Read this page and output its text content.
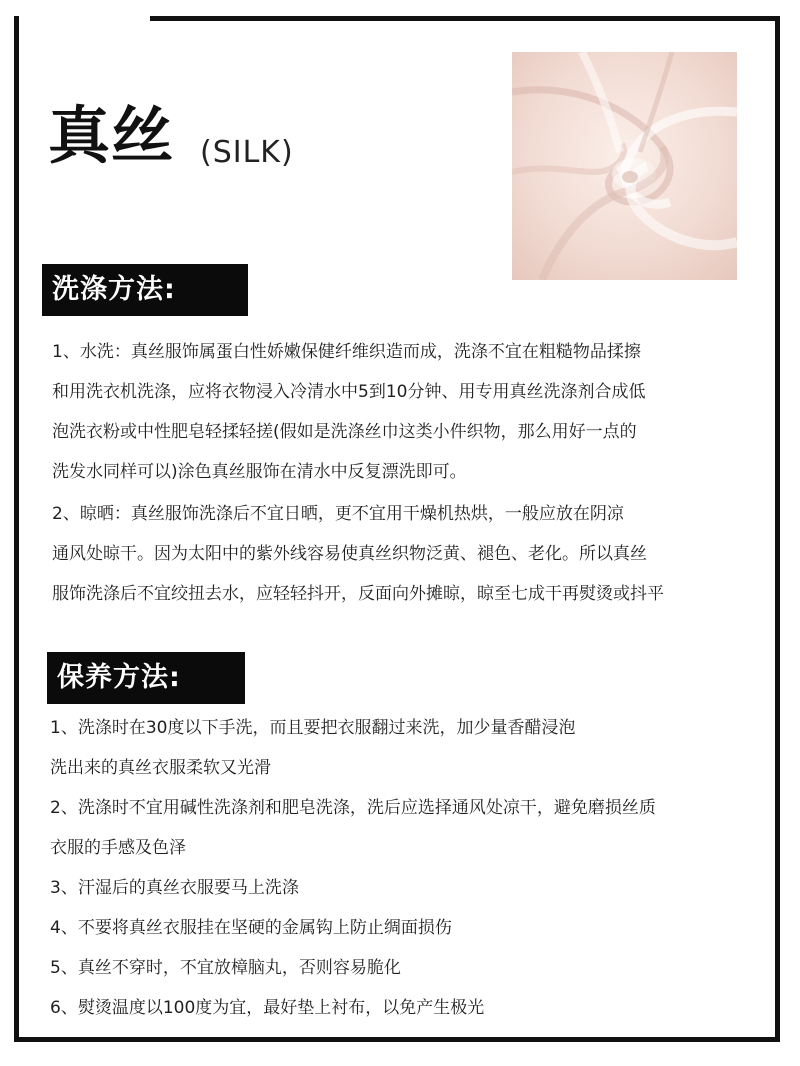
真丝 (SILK)
洗涤方法:

1、水洗：真丝服饰属蛋白性娇嫩保健纤维织造而成，洗涤不宜在粗糙物品揉擦
和用洗衣机洗涤，应将衣物浸入冷清水中5到10分钟、用专用真丝洗涤剂合成低
泡洗衣粉或中性肥皂轻揉轻搓(假如是洗涤丝巾这类小件织物，那么用好一点的
洗发水同样可以)涂色真丝服饰在清水中反复漂洗即可。

2、晾晒：真丝服饰洗涤后不宜日晒，更不宜用干燥机热烘，一般应放在阴凉
通风处晾干。因为太阳中的紫外线容易使真丝织物泛黄、褪色、老化。所以真丝
服饰洗涤后不宜绞扭去水，应轻轻抖开，反面向外摊晾，晾至七成干再熨烫或抖平

保养方法:

1、洗涤时在30度以下手洗，而且要把衣服翻过来洗，加少量香醋浸泡
洗出来的真丝衣服柔软又光滑
2、洗涤时不宜用碱性洗涤剂和肥皂洗涤，洗后应选择通风处凉干，避免磨损丝质
衣服的手感及色泽
3、汗湿后的真丝衣服要马上洗涤
4、不要将真丝衣服挂在坚硬的金属钩上防止绸面损伤
5、真丝不穿时，不宜放樟脑丸，否则容易脆化
6、熨烫温度以100度为宜，最好垫上衬布，以免产生极光
